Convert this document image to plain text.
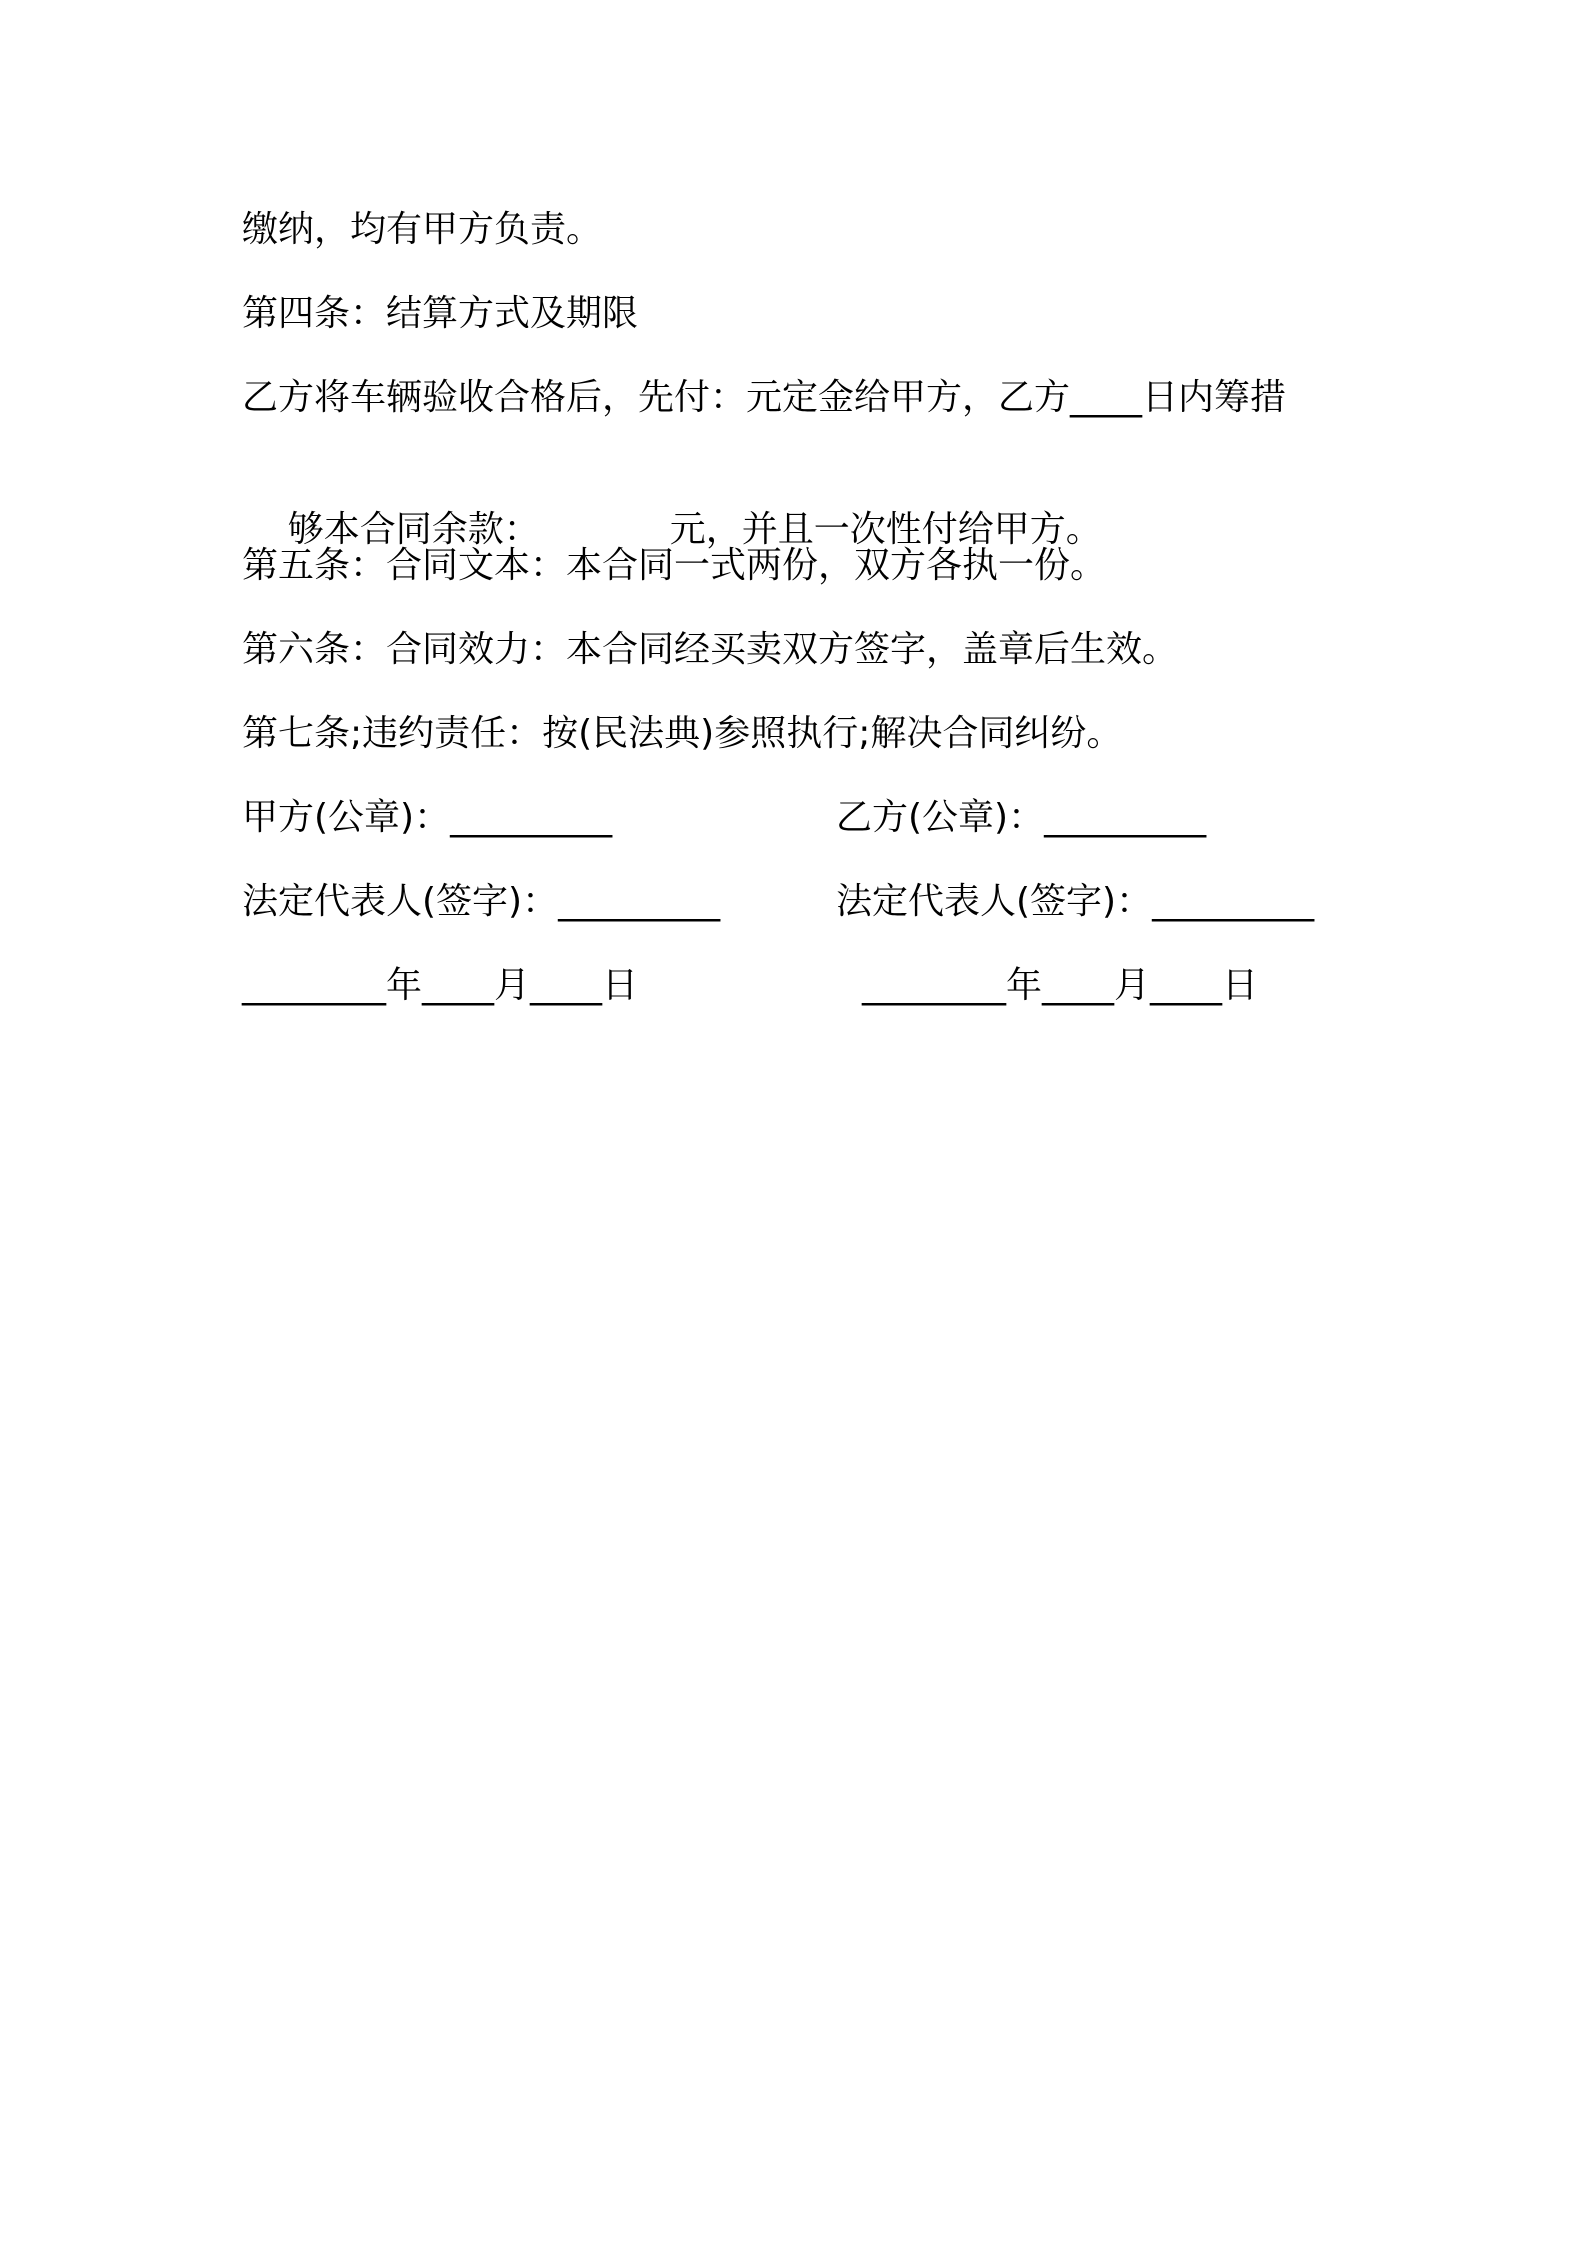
缴纳，均有甲方负责。
第四条：结算方式及期限
乙方将车辆验收合格后，先付：元定金给甲方，乙方____日内筹措

够本合同余款：	元，并且一次性付给甲方。

第五条：合同文本：本合同一式两份，双方各执一份。
第六条：合同效力：本合同经买卖双方签字，盖章后生效。
第七条;违约责任：按(民法典)参照执行;解决合同纠纷。
甲方(公章)：_________	乙方(公章)：_________
法定代表人(签字)：_________	法定代表人(签字)：_________
________年____月____日	________年____月____日
